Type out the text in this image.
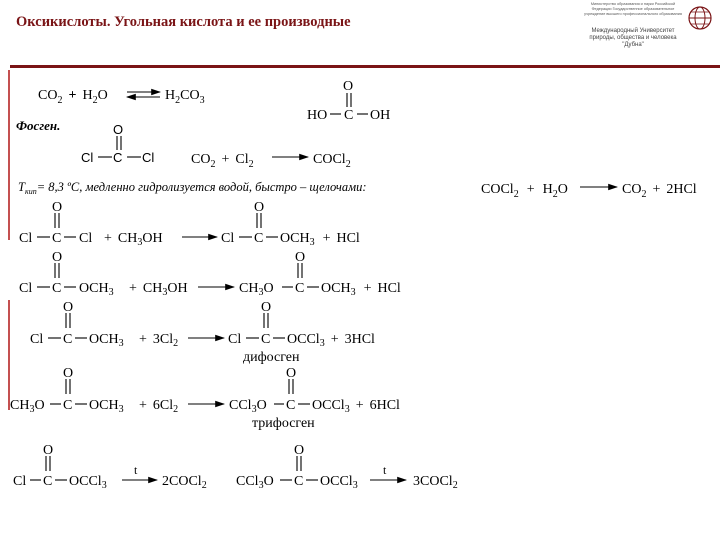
Оксикислоты. Угольная кислота и ее производные
Министерство образования и науки Российской Федерации Государственное образовательное учреждение высшего профессионального образования
Международный Университет природы, общества и человека "Дубна"
$CO_2 + H_2O$	$H_2CO_3$
O
HO C OH
Фосген.	O
Cl C Cl	$CO_2 + Cl_2$	COCl$_2$
$T_{кип}= 8,3$ ºС, медленно гидролизуется водой, быстро – щелочами:	COCl$_2$ + $H_2O$	$CO_2 + 2HCl$
O
Cl C $Cl + CH_3OH$
O
Cl C $OCH_3$ + HCl
O
Cl C $OCH_3 + CH_3OH$
O
$CH_3O$ C $OCH_3$ + HCl
O
Cl C $OCH_3 + 3Cl_2$
O
Cl C OCCl$_3$ + 3HCl
дифосген
O
$CH_3O$ C $OCH_3 + 6Cl_2$
O
CCl$_3$O C OCCl$_3$ + 6HCl
трифосген
O
Cl C OCCl$_3$
t
2COCl$_2$
O
CCl$_3$O C OCCl$_3$
t
3COCl$_2$
